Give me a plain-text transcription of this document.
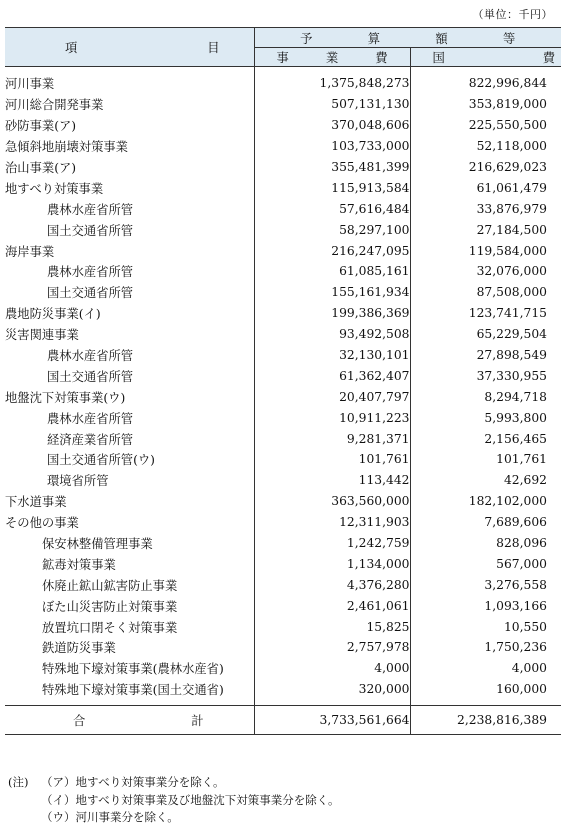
（単位：千円）
項 目	予 算 額 等	

	事 業 費	国 費

河川事業	1,375,848,273	822,996,844
河川総合開発事業	507,131,130	353,819,000
砂防事業(ア)	370,048,606	225,550,500
急傾斜地崩壊対策事業	103,733,000	52,118,000
治山事業(ア)	355,481,399	216,629,023
地すべり対策事業	115,913,584	61,061,479
農林水産省所管	57,616,484	33,876,979
国土交通省所管	58,297,100	27,184,500
海岸事業	216,247,095	119,584,000
農林水産省所管	61,085,161	32,076,000
国土交通省所管	155,161,934	87,508,000
農地防災事業(イ)	199,386,369	123,741,715
災害関連事業	93,492,508	65,229,504
農林水産省所管	32,130,101	27,898,549
国土交通省所管	61,362,407	37,330,955
地盤沈下対策事業(ウ)	20,407,797	8,294,718
農林水産省所管	10,911,223	5,993,800
経済産業省所管	9,281,371	2,156,465
国土交通省所管(ウ)	101,761	101,761
環境省所管	113,442	42,692
下水道事業	363,560,000	182,102,000
その他の事業	12,311,903	7,689,606
保安林整備管理事業	1,242,759	828,096
鉱毒対策事業	1,134,000	567,000
休廃止鉱山鉱害防止事業	4,376,280	3,276,558
ぼた山災害防止対策事業	2,461,061	1,093,166
放置坑口閉そく対策事業	15,825	10,550
鉄道防災事業	2,757,978	1,750,236
特殊地下壕対策事業(農林水産省)	4,000	4,000
特殊地下壕対策事業(国土交通省)	320,000	160,000

合 計	3,733,561,664	2,238,816,389
(注)	（ア）地すべり対策事業分を除く。
（イ）地すべり対策事業及び地盤沈下対策事業分を除く。
（ウ）河川事業分を除く。
